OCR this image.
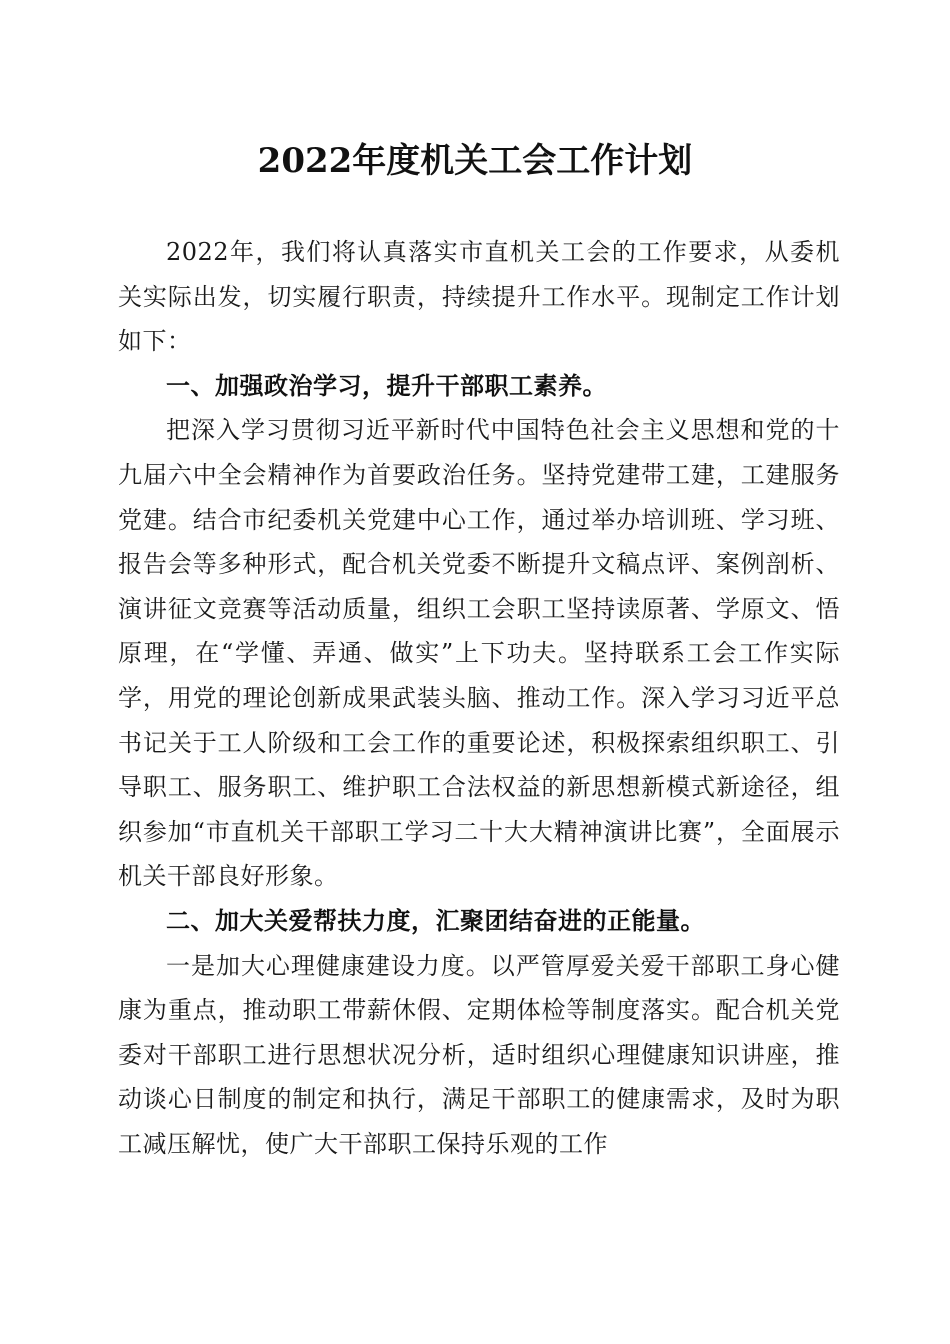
2022年度机关工会工作计划

2022年，我们将认真落实市直机关工会的工作要求，从委机关实际出发，切实履行职责，持续提升工作水平。现制定工作计划如下：

一、加强政治学习，提升干部职工素养。

把深入学习贯彻习近平新时代中国特色社会主义思想和党的十九届六中全会精神作为首要政治任务。坚持党建带工建，工建服务党建。结合市纪委机关党建中心工作，通过举办培训班、学习班、报告会等多种形式，配合机关党委不断提升文稿点评、案例剖析、演讲征文竞赛等活动质量，组织工会职工坚持读原著、学原文、悟原理，在“学懂、弄通、做实”上下功夫。坚持联系工会工作实际学，用党的理论创新成果武装头脑、推动工作。深入学习习近平总书记关于工人阶级和工会工作的重要论述，积极探索组织职工、引导职工、服务职工、维护职工合法权益的新思想新模式新途径，组织参加“市直机关干部职工学习二十大大精神演讲比赛”，全面展示机关干部良好形象。

二、加大关爱帮扶力度，汇聚团结奋进的正能量。

一是加大心理健康建设力度。以严管厚爱关爱干部职工身心健康为重点，推动职工带薪休假、定期体检等制度落实。配合机关党委对干部职工进行思想状况分析，适时组织心理健康知识讲座，推动谈心日制度的制定和执行，满足干部职工的健康需求，及时为职工减压解忧，使广大干部职工保持乐观的工作
